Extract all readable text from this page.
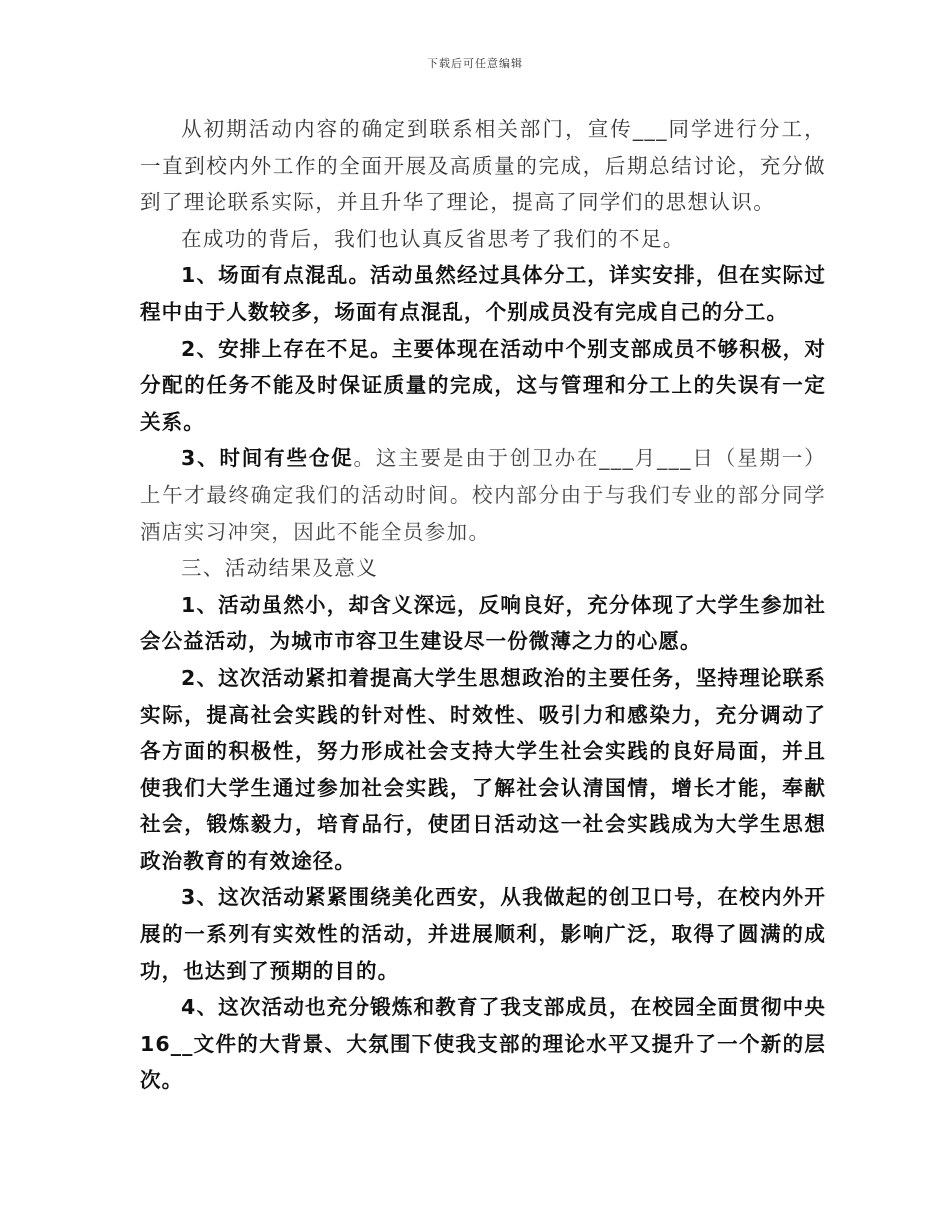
下载后可任意编辑

从初期活动内容的确定到联系相关部门，宣传___同学进行分工，一直到校内外工作的全面开展及高质量的完成，后期总结讨论，充分做到了理论联系实际，并且升华了理论，提高了同学们的思想认识。

在成功的背后，我们也认真反省思考了我们的不足。

1、场面有点混乱。活动虽然经过具体分工，详实安排，但在实际过程中由于人数较多，场面有点混乱，个别成员没有完成自己的分工。

2、安排上存在不足。主要体现在活动中个别支部成员不够积极，对分配的任务不能及时保证质量的完成，这与管理和分工上的失误有一定关系。

3、时间有些仓促。这主要是由于创卫办在___月___日（星期一）上午才最终确定我们的活动时间。校内部分由于与我们专业的部分同学酒店实习冲突，因此不能全员参加。

三、活动结果及意义

1、活动虽然小，却含义深远，反响良好，充分体现了大学生参加社会公益活动，为城市市容卫生建设尽一份微薄之力的心愿。

2、这次活动紧扣着提高大学生思想政治的主要任务，坚持理论联系实际，提高社会实践的针对性、时效性、吸引力和感染力，充分调动了各方面的积极性，努力形成社会支持大学生社会实践的良好局面，并且使我们大学生通过参加社会实践，了解社会认清国情，增长才能，奉献社会，锻炼毅力，培育品行，使团日活动这一社会实践成为大学生思想政治教育的有效途径。

3、这次活动紧紧围绕美化西安，从我做起的创卫口号，在校内外开展的一系列有实效性的活动，并进展顺利，影响广泛，取得了圆满的成功，也达到了预期的目的。

4、这次活动也充分锻炼和教育了我支部成员，在校园全面贯彻中央16__文件的大背景、大氛围下使我支部的理论水平又提升了一个新的层次。
